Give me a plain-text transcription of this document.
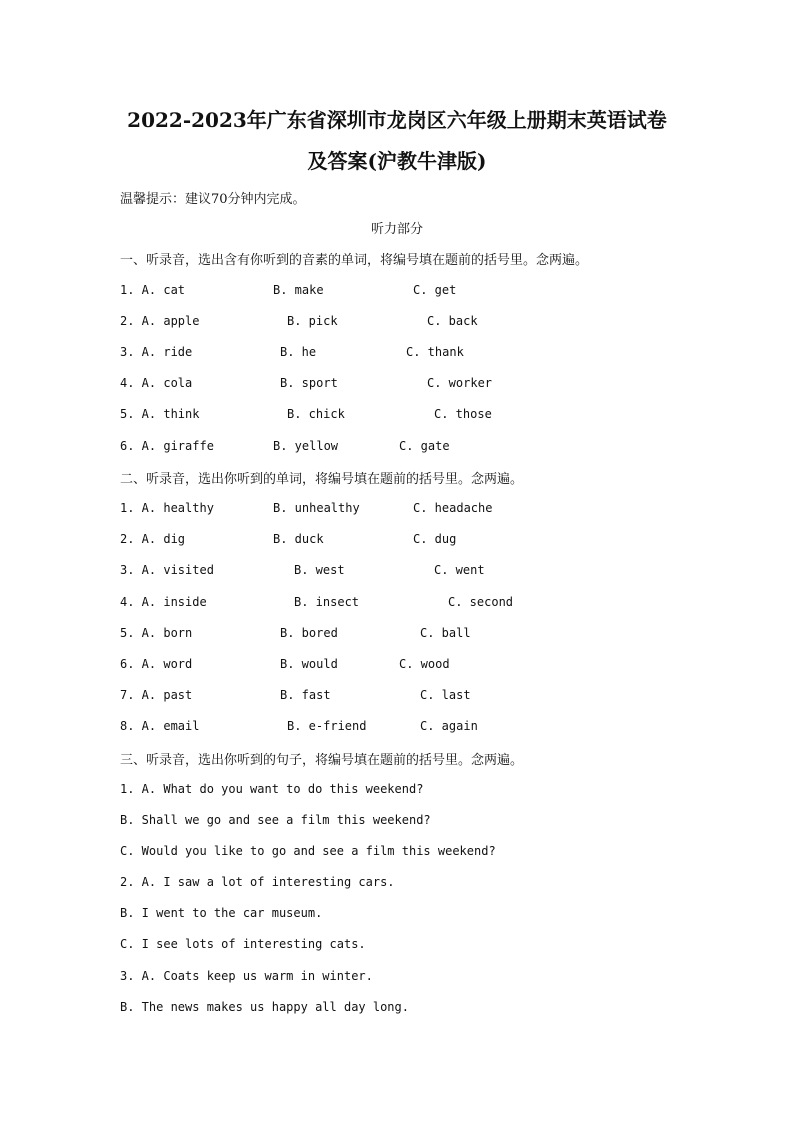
2022-2023年广东省深圳市龙岗区六年级上册期末英语试卷
及答案(沪教牛津版)
温馨提示：建议70分钟内完成。
听力部分
一、听录音，选出含有你听到的音素的单词，将编号填在题前的括号里。念两遍。
1. A. cat	B. make	C. get
2. A. apple	B. pick	C. back
3. A. ride	B. he	C. thank
4. A. cola	B. sport	C. worker
5. A. think	B. chick	C. those
6. A. giraffe	B. yellow	C. gate
二、听录音，选出你听到的单词，将编号填在题前的括号里。念两遍。
1. A. healthy	B. unhealthy	C. headache
2. A. dig	B. duck	C. dug
3. A. visited	B. west	C. went
4. A. inside	B. insect	C. second
5. A. born	B. bored	C. ball
6. A. word	B. would	C. wood
7. A. past	B. fast	C. last
8. A. email	B. e-friend	C. again
三、听录音，选出你听到的句子，将编号填在题前的括号里。念两遍。
1. A. What do you want to do this weekend?
B. Shall we go and see a film this weekend?
C. Would you like to go and see a film this weekend?
2. A. I saw a lot of interesting cars.
B. I went to the car museum.
C. I see lots of interesting cats.
3. A. Coats keep us warm in winter.
B. The news makes us happy all day long.
